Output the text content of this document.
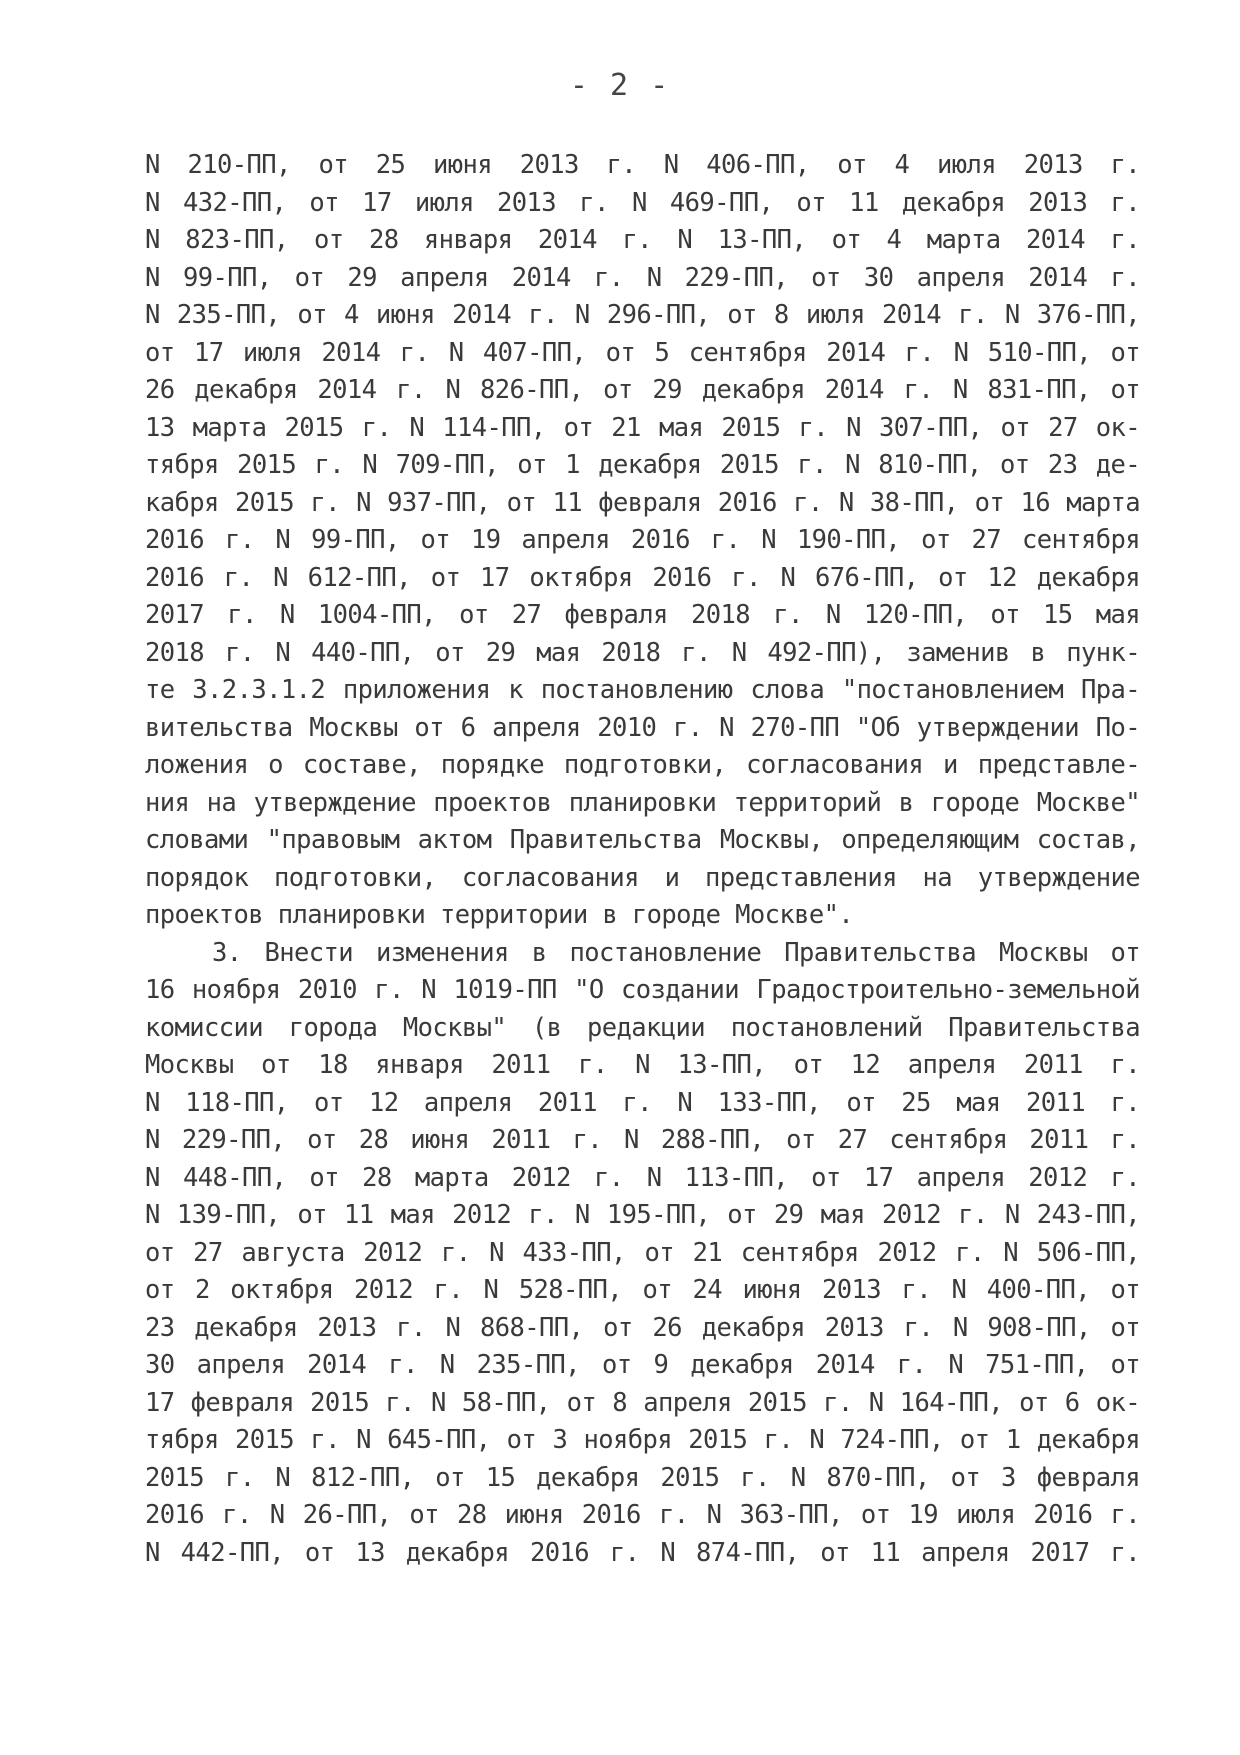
- 2 -
N 210-ПП, от 25 июня 2013 г. N 406-ПП, от 4 июля 2013 г.
N 432-ПП, от 17 июля 2013 г. N 469-ПП, от 11 декабря 2013 г.
N 823-ПП, от 28 января 2014 г. N 13-ПП, от 4 марта 2014 г.
N 99-ПП, от 29 апреля 2014 г. N 229-ПП, от 30 апреля 2014 г.
N 235-ПП, от 4 июня 2014 г. N 296-ПП, от 8 июля 2014 г. N 376-ПП,
от 17 июля 2014 г. N 407-ПП, от 5 сентября 2014 г. N 510-ПП, от
26 декабря 2014 г. N 826-ПП, от 29 декабря 2014 г. N 831-ПП, от
13 марта 2015 г. N 114-ПП, от 21 мая 2015 г. N 307-ПП, от 27 ок-
тября 2015 г. N 709-ПП, от 1 декабря 2015 г. N 810-ПП, от 23 де-
кабря 2015 г. N 937-ПП, от 11 февраля 2016 г. N 38-ПП, от 16 марта
2016 г. N 99-ПП, от 19 апреля 2016 г. N 190-ПП, от 27 сентября
2016 г. N 612-ПП, от 17 октября 2016 г. N 676-ПП, от 12 декабря
2017 г. N 1004-ПП, от 27 февраля 2018 г. N 120-ПП, от 15 мая
2018 г. N 440-ПП, от 29 мая 2018 г. N 492-ПП), заменив в пунк-
те 3.2.3.1.2 приложения к постановлению слова "постановлением Пра-
вительства Москвы от 6 апреля 2010 г. N 270-ПП "Об утверждении По-
ложения о составе, порядке подготовки, согласования и представле-
ния на утверждение проектов планировки территорий в городе Москве"
словами "правовым актом Правительства Москвы, определяющим состав,
порядок подготовки, согласования и представления на утверждение
проектов планировки территории в городе Москве".
3. Внести изменения в постановление Правительства Москвы от
16 ноября 2010 г. N 1019-ПП "О создании Градостроительно-земельной
комиссии города Москвы" (в редакции постановлений Правительства
Москвы от 18 января 2011 г. N 13-ПП, от 12 апреля 2011 г.
N 118-ПП, от 12 апреля 2011 г. N 133-ПП, от 25 мая 2011 г.
N 229-ПП, от 28 июня 2011 г. N 288-ПП, от 27 сентября 2011 г.
N 448-ПП, от 28 марта 2012 г. N 113-ПП, от 17 апреля 2012 г.
N 139-ПП, от 11 мая 2012 г. N 195-ПП, от 29 мая 2012 г. N 243-ПП,
от 27 августа 2012 г. N 433-ПП, от 21 сентября 2012 г. N 506-ПП,
от 2 октября 2012 г. N 528-ПП, от 24 июня 2013 г. N 400-ПП, от
23 декабря 2013 г. N 868-ПП, от 26 декабря 2013 г. N 908-ПП, от
30 апреля 2014 г. N 235-ПП, от 9 декабря 2014 г. N 751-ПП, от
17 февраля 2015 г. N 58-ПП, от 8 апреля 2015 г. N 164-ПП, от 6 ок-
тября 2015 г. N 645-ПП, от 3 ноября 2015 г. N 724-ПП, от 1 декабря
2015 г. N 812-ПП, от 15 декабря 2015 г. N 870-ПП, от 3 февраля
2016 г. N 26-ПП, от 28 июня 2016 г. N 363-ПП, от 19 июля 2016 г.
N 442-ПП, от 13 декабря 2016 г. N 874-ПП, от 11 апреля 2017 г.
